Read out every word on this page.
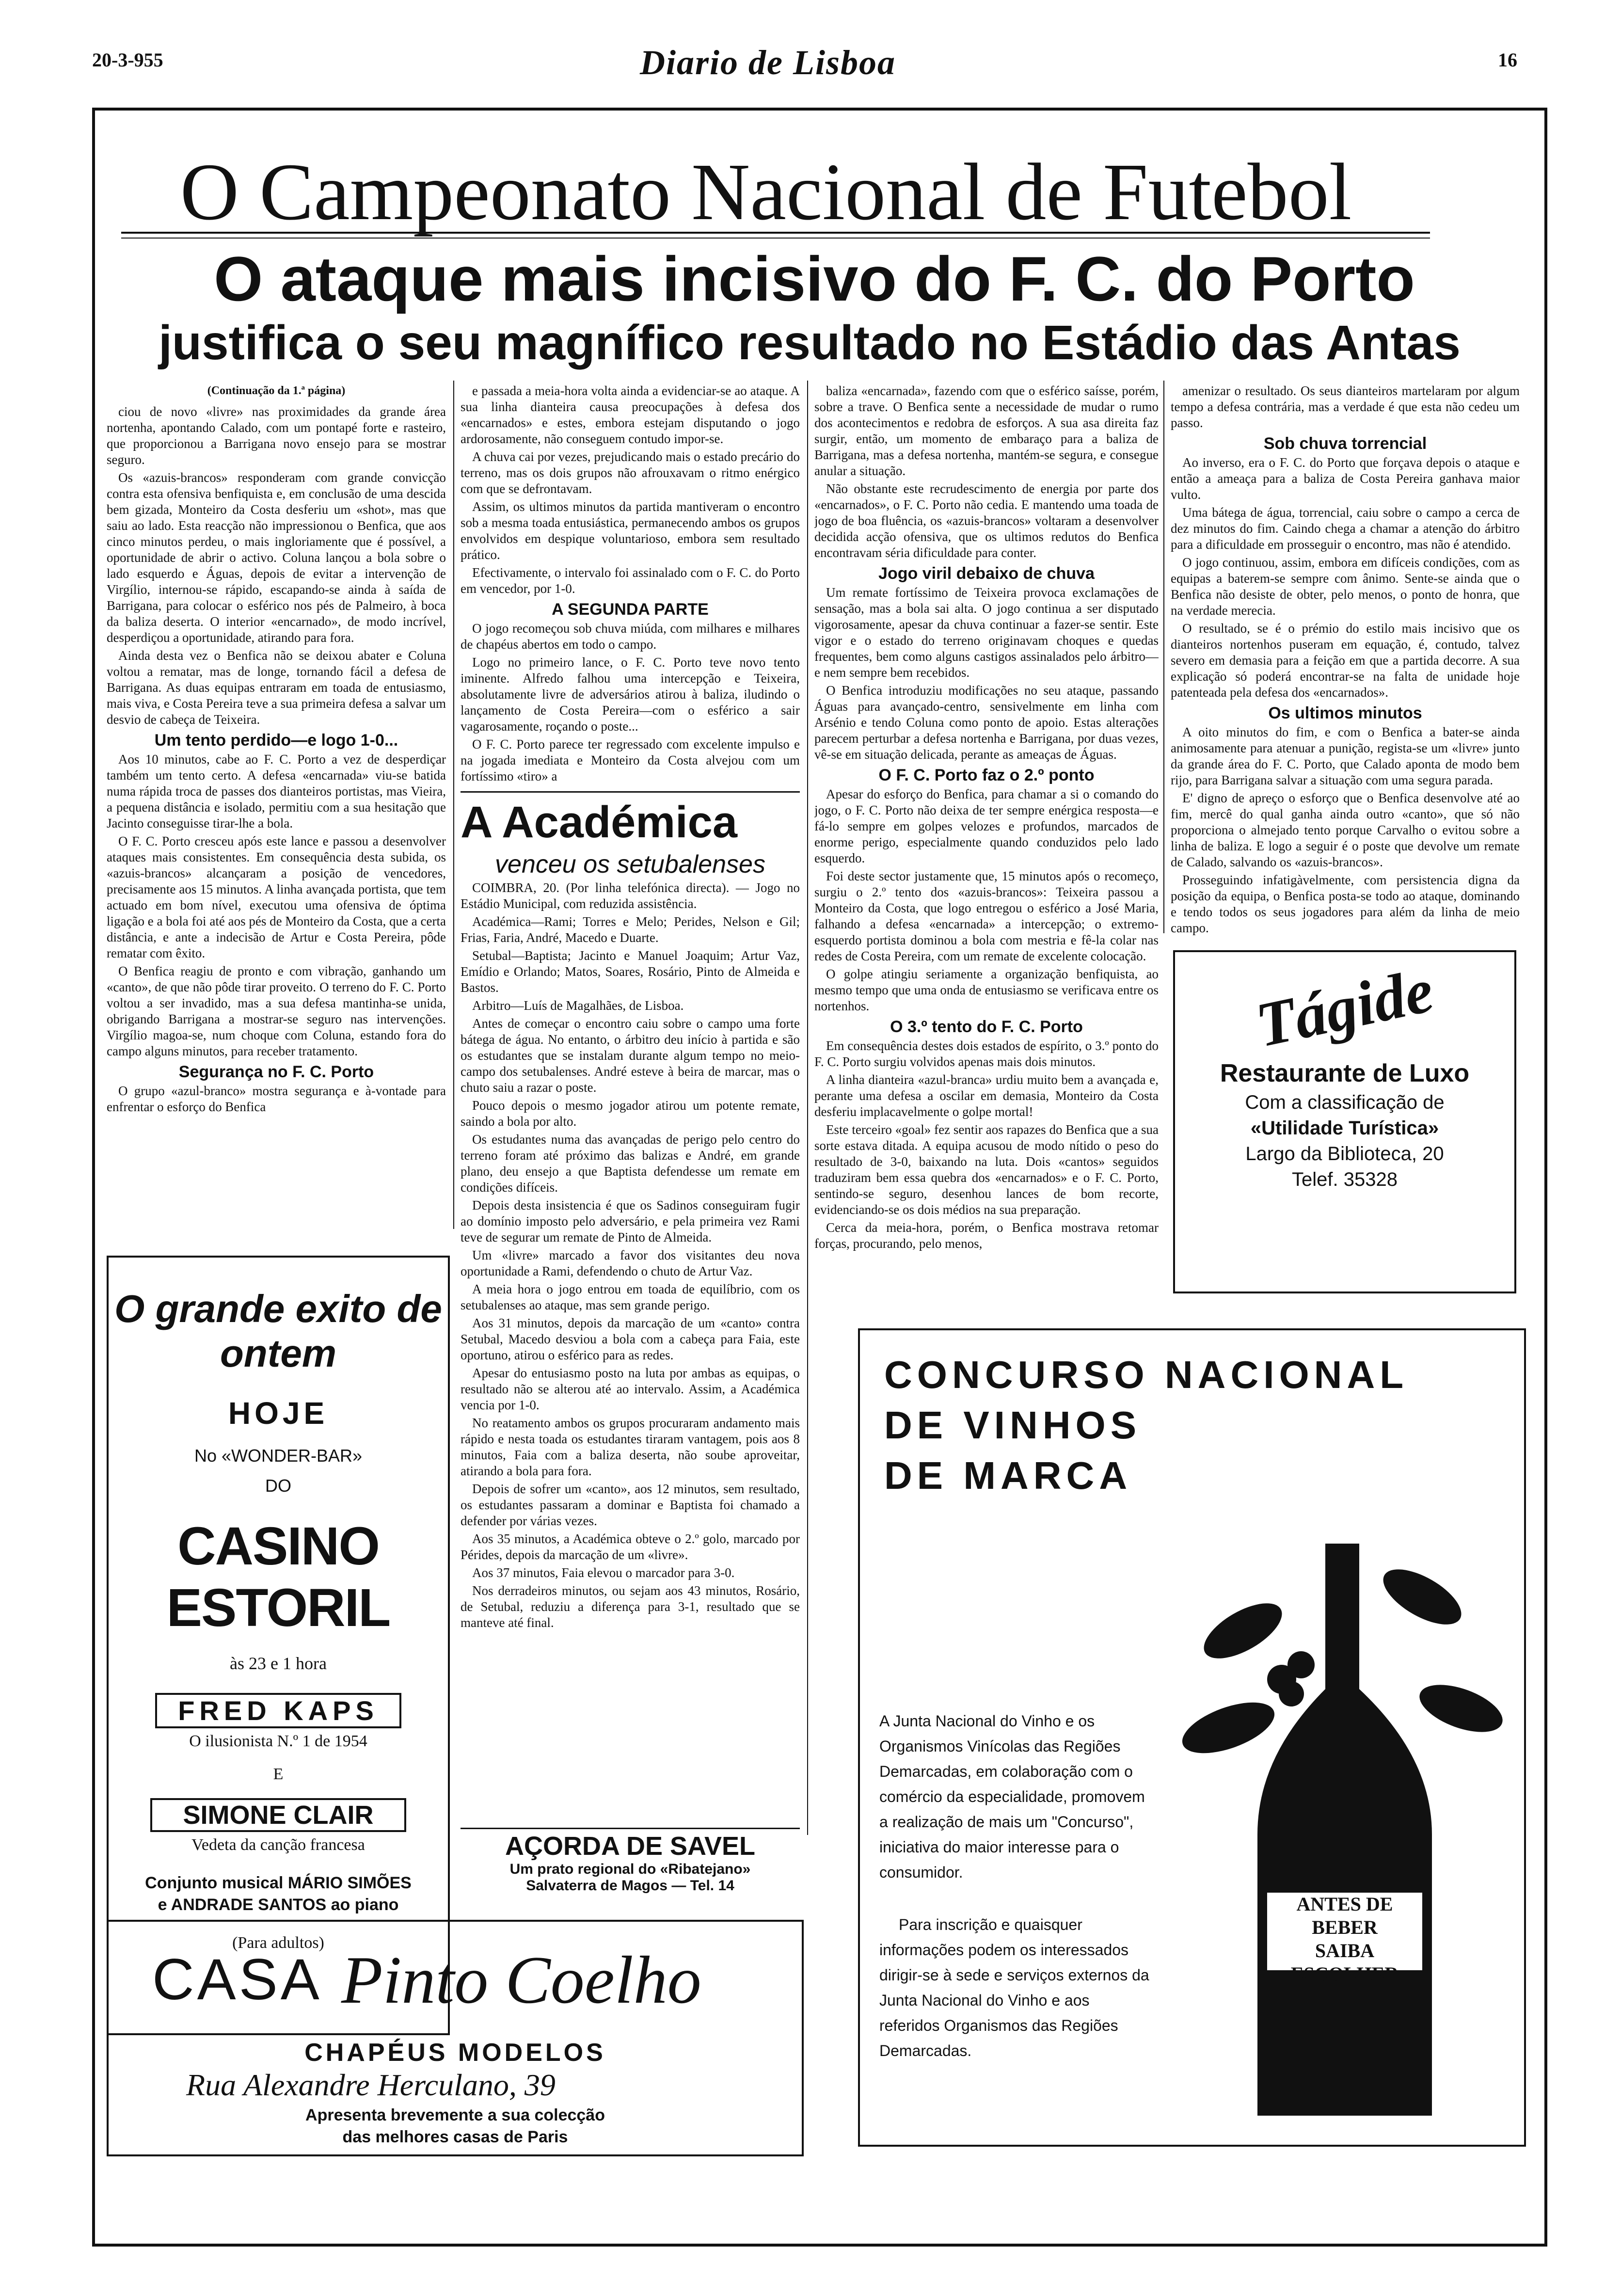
20-3-955	Diario de Lisboa	16
O Campeonato Nacional de Futebol
O ataque mais incisivo do F. C. do Porto
justifica o seu magnífico resultado no Estádio das Antas
(Continuação da 1.ª página)

ciou de novo «livre» nas proximidades da grande área nortenha, apontando Calado, com um pontapé forte e rasteiro, que proporcionou a Barrigana novo ensejo para se mostrar seguro.

Os «azuis-brancos» responderam com grande convicção contra esta ofensiva benfiquista e, em conclusão de uma descida bem gizada, Monteiro da Costa desferiu um «shot», mas que saiu ao lado. Esta reacção não impressionou o Benfica, que aos cinco minutos perdeu, o mais ingloriamente que é possível, a oportunidade de abrir o activo. Coluna lançou a bola sobre o lado esquerdo e Águas, depois de evitar a intervenção de Virgílio, internou-se rápido, escapando-se ainda à saída de Barrigana, para colocar o esférico nos pés de Palmeiro, à boca da baliza deserta. O interior «encarnado», de modo incrível, desperdiçou a oportunidade, atirando para fora.

Ainda desta vez o Benfica não se deixou abater e Coluna voltou a rematar, mas de longe, tornando fácil a defesa de Barrigana. As duas equipas entraram em toada de entusiasmo, mais viva, e Costa Pereira teve a sua primeira defesa a salvar um desvio de cabeça de Teixeira.

Um tento perdido—e logo 1-0...

Aos 10 minutos, cabe ao F. C. Porto a vez de desperdiçar também um tento certo. A defesa «encarnada» viu-se batida numa rápida troca de passes dos dianteiros portistas, mas Vieira, a pequena distância e isolado, permitiu com a sua hesitação que Jacinto conseguisse tirar-lhe a bola.

O F. C. Porto cresceu após este lance e passou a desenvolver ataques mais consistentes. Em consequência desta subida, os «azuis-brancos» alcançaram a posição de vencedores, precisamente aos 15 minutos. A linha avançada portista, que tem actuado em bom nível, executou uma ofensiva de óptima ligação e a bola foi até aos pés de Monteiro da Costa, que a certa distância, e ante a indecisão de Artur e Costa Pereira, pôde rematar com êxito.

O Benfica reagiu de pronto e com vibração, ganhando um «canto», de que não pôde tirar proveito. O terreno do F. C. Porto voltou a ser invadido, mas a sua defesa mantinha-se unida, obrigando Barrigana a mostrar-se seguro nas intervenções. Virgílio magoa-se, num choque com Coluna, estando fora do campo alguns minutos, para receber tratamento.

Segurança no F. C. Porto

O grupo «azul-branco» mostra segurança e à-vontade para enfrentar o esforço do Benfica

O grande exito de ontem
HOJE
No «WONDER-BAR»
DO
CASINO ESTORIL
às 23 e 1 hora
FRED KAPS
O ilusionista N.º 1 de 1954
E
SIMONE CLAIR
Vedeta da canção francesa
Conjunto musical MÁRIO SIMÕES
e ANDRADE SANTOS ao piano
(Para adultos)

e passada a meia-hora volta ainda a evidenciar-se ao ataque. A sua linha dianteira causa preocupações à defesa dos «encarnados» e estes, embora estejam disputando o jogo ardorosamente, não conseguem contudo impor-se.

A chuva cai por vezes, prejudicando mais o estado precário do terreno, mas os dois grupos não afrouxavam o ritmo enérgico com que se defrontavam.

Assim, os ultimos minutos da partida mantiveram o encontro sob a mesma toada entusiástica, permanecendo ambos os grupos envolvidos em despique voluntarioso, embora sem resultado prático.

Efectivamente, o intervalo foi assinalado com o F. C. do Porto em vencedor, por 1-0.

A SEGUNDA PARTE

O jogo recomeçou sob chuva miúda, com milhares e milhares de chapéus abertos em todo o campo.

Logo no primeiro lance, o F. C. Porto teve novo tento iminente. Alfredo falhou uma intercepção e Teixeira, absolutamente livre de adversários atirou à baliza, iludindo o lançamento de Costa Pereira—com o esférico a sair vagarosamente, roçando o poste...

O F. C. Porto parece ter regressado com excelente impulso e na jogada imediata e Monteiro da Costa alvejou com um fortíssimo «tiro» a

A Académica
venceu os setubalenses

COIMBRA, 20. (Por linha telefónica directa). — Jogo no Estádio Municipal, com reduzida assistência.

Académica—Rami; Torres e Melo; Perides, Nelson e Gil; Frias, Faria, André, Macedo e Duarte.

Setubal—Baptista; Jacinto e Manuel Joaquim; Artur Vaz, Emídio e Orlando; Matos, Soares, Rosário, Pinto de Almeida e Bastos.

Arbitro—Luís de Magalhães, de Lisboa.

Antes de começar o encontro caiu sobre o campo uma forte bátega de água. No entanto, o árbitro deu início à partida e são os estudantes que se instalam durante algum tempo no meio-campo dos setubalenses. André esteve à beira de marcar, mas o chuto saiu a razar o poste.

Pouco depois o mesmo jogador atirou um potente remate, saindo a bola por alto.

Os estudantes numa das avançadas de perigo pelo centro do terreno foram até próximo das balizas e André, em grande plano, deu ensejo a que Baptista defendesse um remate em condições difíceis.

Depois desta insistencia é que os Sadinos conseguiram fugir ao domínio imposto pelo adversário, e pela primeira vez Rami teve de segurar um remate de Pinto de Almeida.

Um «livre» marcado a favor dos visitantes deu nova oportunidade a Rami, defendendo o chuto de Artur Vaz.

A meia hora o jogo entrou em toada de equilíbrio, com os setubalenses ao ataque, mas sem grande perigo.

Aos 31 minutos, depois da marcação de um «canto» contra Setubal, Macedo desviou a bola com a cabeça para Faia, este oportuno, atirou o esférico para as redes.

Apesar do entusiasmo posto na luta por ambas as equipas, o resultado não se alterou até ao intervalo. Assim, a Académica vencia por 1-0.

No reatamento ambos os grupos procuraram andamento mais rápido e nesta toada os estudantes tiraram vantagem, pois aos 8 minutos, Faia com a baliza deserta, não soube aproveitar, atirando a bola para fora.

Depois de sofrer um «canto», aos 12 minutos, sem resultado, os estudantes passaram a dominar e Baptista foi chamado a defender por várias vezes.

Aos 35 minutos, a Académica obteve o 2.º golo, marcado por Pérides, depois da marcação de um «livre».

Aos 37 minutos, Faia elevou o marcador para 3-0.

Nos derradeiros minutos, ou sejam aos 43 minutos, Rosário, de Setubal, reduziu a diferença para 3-1, resultado que se manteve até final.

AÇORDA DE SAVEL
Um prato regional do «Ribatejano»
Salvaterra de Magos — Tel. 14

baliza «encarnada», fazendo com que o esférico saísse, porém, sobre a trave. O Benfica sente a necessidade de mudar o rumo dos acontecimentos e redobra de esforços. A sua asa direita faz surgir, então, um momento de embaraço para a baliza de Barrigana, mas a defesa nortenha, mantém-se segura, e consegue anular a situação.

Não obstante este recrudescimento de energia por parte dos «encarnados», o F. C. Porto não cedia. E mantendo uma toada de jogo de boa fluência, os «azuis-brancos» voltaram a desenvolver decidida acção ofensiva, que os ultimos redutos do Benfica encontravam séria dificuldade para conter.

Jogo viril debaixo de chuva

Um remate fortíssimo de Teixeira provoca exclamações de sensação, mas a bola sai alta. O jogo continua a ser disputado vigorosamente, apesar da chuva continuar a fazer-se sentir. Este vigor e o estado do terreno originavam choques e quedas frequentes, bem como alguns castigos assinalados pelo árbitro—e nem sempre bem recebidos.

O Benfica introduziu modificações no seu ataque, passando Águas para avançado-centro, sensivelmente em linha com Arsénio e tendo Coluna como ponto de apoio. Estas alterações parecem perturbar a defesa nortenha e Barrigana, por duas vezes, vê-se em situação delicada, perante as ameaças de Águas.

O F. C. Porto faz o 2.º ponto

Apesar do esforço do Benfica, para chamar a si o comando do jogo, o F. C. Porto não deixa de ter sempre enérgica resposta—e fá-lo sempre em golpes velozes e profundos, marcados de enorme perigo, especialmente quando conduzidos pelo lado esquerdo.

Foi deste sector justamente que, 15 minutos após o recomeço, surgiu o 2.º tento dos «azuis-brancos»: Teixeira passou a Monteiro da Costa, que logo entregou o esférico a José Maria, falhando a defesa «encarnada» a intercepção; o extremo-esquerdo portista dominou a bola com mestria e fê-la colar nas redes de Costa Pereira, com um remate de excelente colocação.

O golpe atingiu seriamente a organização benfiquista, ao mesmo tempo que uma onda de entusiasmo se verificava entre os nortenhos.

O 3.º tento do F. C. Porto

Em consequência destes dois estados de espírito, o 3.º ponto do F. C. Porto surgiu volvidos apenas mais dois minutos.

A linha dianteira «azul-branca» urdiu muito bem a avançada e, perante uma defesa a oscilar em demasia, Monteiro da Costa desferiu implacavelmente o golpe mortal!

Este terceiro «goal» fez sentir aos rapazes do Benfica que a sua sorte estava ditada. A equipa acusou de modo nítido o peso do resultado de 3-0, baixando na luta. Dois «cantos» seguidos traduziram bem essa quebra dos «encarnados» e o F. C. Porto, sentindo-se seguro, desenhou lances de bom recorte, evidenciando-se os dois médios na sua preparação.

Cerca da meia-hora, porém, o Benfica mostrava retomar forças, procurando, pelo menos,

amenizar o resultado. Os seus dianteiros martelaram por algum tempo a defesa contrária, mas a verdade é que esta não cedeu um passo.

Sob chuva torrencial

Ao inverso, era o F. C. do Porto que forçava depois o ataque e então a ameaça para a baliza de Costa Pereira ganhava maior vulto.

Uma bátega de água, torrencial, caiu sobre o campo a cerca de dez minutos do fim. Caindo chega a chamar a atenção do árbitro para a dificuldade em prosseguir o encontro, mas não é atendido.

O jogo continuou, assim, embora em difíceis condições, com as equipas a baterem-se sempre com ânimo. Sente-se ainda que o Benfica não desiste de obter, pelo menos, o ponto de honra, que na verdade merecia.

O resultado, se é o prémio do estilo mais incisivo que os dianteiros nortenhos puseram em equação, é, contudo, talvez severo em demasia para a feição em que a partida decorre. A sua explicação só poderá encontrar-se na falta de unidade hoje patenteada pela defesa dos «encarnados».

Os ultimos minutos

A oito minutos do fim, e com o Benfica a bater-se ainda animosamente para atenuar a punição, regista-se um «livre» junto da grande área do F. C. Porto, que Calado aponta de modo bem rijo, para Barrigana salvar a situação com uma segura parada.

E' digno de apreço o esforço que o Benfica desenvolve até ao fim, mercê do qual ganha ainda outro «canto», que só não proporciona o almejado tento porque Carvalho o evitou sobre a linha de baliza. E logo a seguir é o poste que devolve um remate de Calado, salvando os «azuis-brancos».

Prosseguindo infatigàvelmente, com persistencia digna da posição da equipa, o Benfica posta-se todo ao ataque, dominando e tendo todos os seus jogadores para além da linha de meio campo.

Tágide
Restaurante de Luxo
Com a classificação de
«Utilidade Turística»
Largo da Biblioteca, 20
Telef. 35328
CONCURSO NACIONAL
DE VINHOS
DE MARCA
A Junta Nacional do Vinho e os Organismos Vinícolas das Regiões Demarcadas, em colaboração com o comércio da especialidade, promovem a realização de mais um "Concurso", iniciativa do maior interesse para o consumidor.
Para inscrição e quaisquer informações podem os interessados dirigir-se à sede e serviços externos da Junta Nacional do Vinho e aos referidos Organismos das Regiões Demarcadas.
ANTES DE BEBER
SAIBA ESCOLHER
CASA Pinto Coelho
CHAPÉUS MODELOS
Rua Alexandre Herculano, 39
Apresenta brevemente a sua colecção
das melhores casas de Paris
